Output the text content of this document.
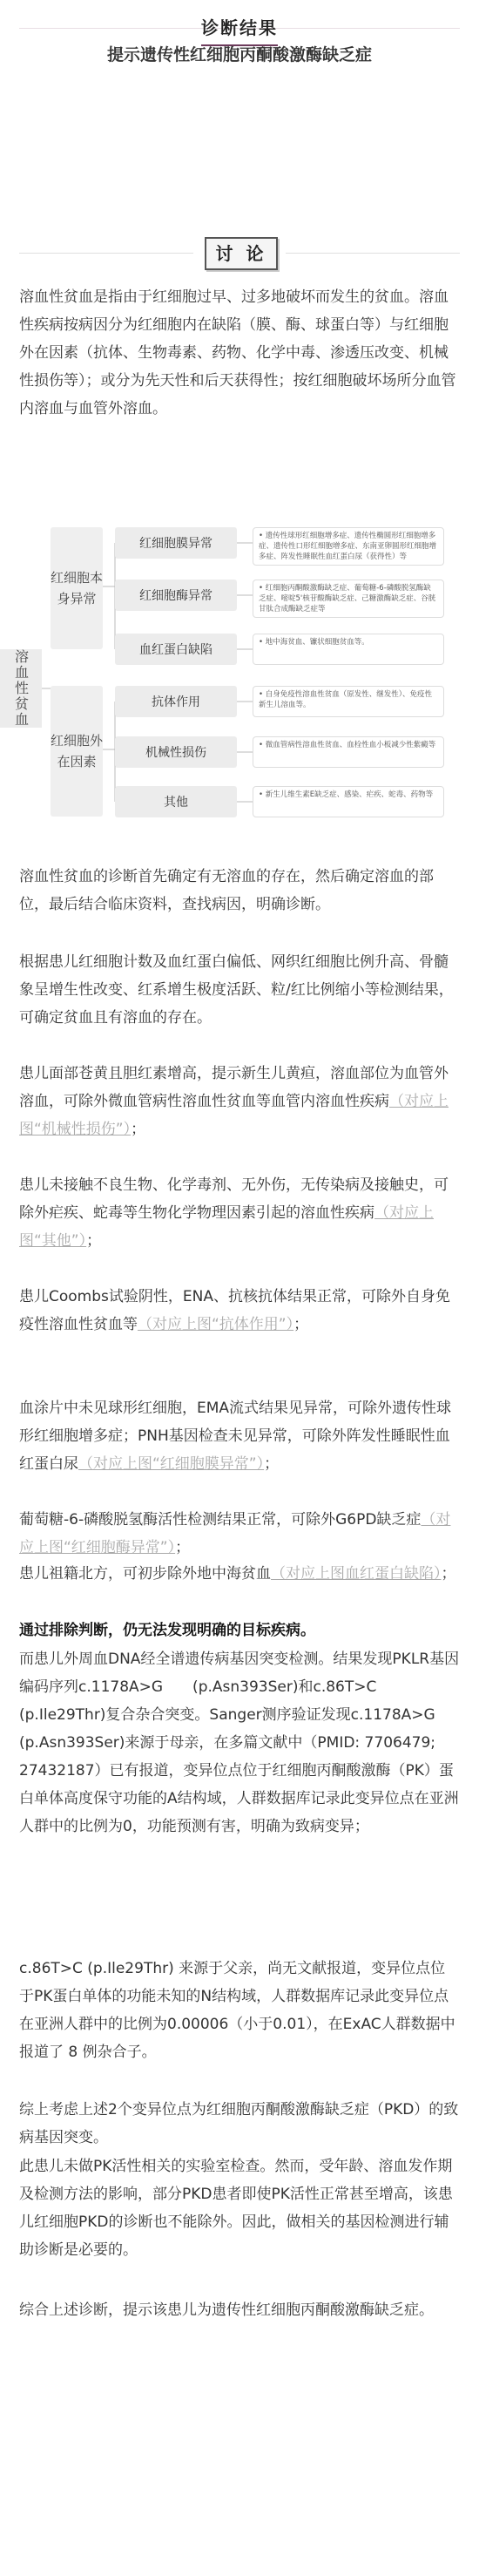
诊断结果
提示遗传性红细胞丙酮酸激酶缺乏症
讨 论
溶血性贫血是指由于红细胞过早、过多地破坏而发生的贫血。溶血性疾病按病因分为红细胞内在缺陷（膜、酶、球蛋白等）与红细胞外在因素（抗体、生物毒素、药物、化学中毒、渗透压改变、机械性损伤等）；或分为先天性和后天获得性；按红细胞破坏场所分血管内溶血与血管外溶血。
溶血性贫血
红细胞本身异常
红细胞外在因素
红细胞膜异常
红细胞酶异常
血红蛋白缺陷
抗体作用
机械性损伤
其他
• 遗传性球形红细胞增多症、遗传性椭圆形红细胞增多症、遗传性口形红细胞增多症、东南亚卵圆形红细胞增多症、阵发性睡眠性血红蛋白尿（获得性）等
• 红细胞丙酮酸激酶缺乏症、葡萄糖-6-磷酸脱氢酶缺乏症、嘧啶5'核苷酸酶缺乏症、己糖激酶缺乏症、谷胱甘肽合成酶缺乏症等
• 地中海贫血、镰状细胞贫血等。
• 自身免疫性溶血性贫血（原发性、继发性）、免疫性新生儿溶血等。
• 微血管病性溶血性贫血、血栓性血小板减少性紫癜等
• 新生儿维生素E缺乏症、感染、疟疾、蛇毒、药物等
溶血性贫血的诊断首先确定有无溶血的存在，然后确定溶血的部位，最后结合临床资料，查找病因，明确诊断。
根据患儿红细胞计数及血红蛋白偏低、网织红细胞比例升高、骨髓象呈增生性改变、红系增生极度活跃、粒/红比例缩小等检测结果，可确定贫血且有溶血的存在。
患儿面部苍黄且胆红素增高，提示新生儿黄疸，溶血部位为血管外溶血，可除外微血管病性溶血性贫血等血管内溶血性疾病（对应上图“机械性损伤”）；
患儿未接触不良生物、化学毒剂、无外伤，无传染病及接触史，可除外疟疾、蛇毒等生物化学物理因素引起的溶血性疾病（对应上图“其他”）；
患儿Coombs试验阴性，ENA、抗核抗体结果正常，可除外自身免疫性溶血性贫血等（对应上图“抗体作用”）；
血涂片中未见球形红细胞，EMA流式结果见异常，可除外遗传性球形红细胞增多症；PNH基因检查未见异常，可除外阵发性睡眠性血红蛋白尿（对应上图“红细胞膜异常”）；
葡萄糖-6-磷酸脱氢酶活性检测结果正常，可除外G6PD缺乏症（对应上图“红细胞酶异常”）；
患儿祖籍北方，可初步除外地中海贫血（对应上图血红蛋白缺陷）；
通过排除判断，仍无法发现明确的目标疾病。
而患儿外周血DNA经全谱遗传病基因突变检测。结果发现PKLR基因编码序列c.1178A>G　　(p.Asn393Ser)和c.86T>C (p.Ile29Thr)复合杂合突变。Sanger测序验证发现c.1178A>G (p.Asn393Ser)来源于母亲，在多篇文献中（PMID: 7706479; 27432187）已有报道，变异位点位于红细胞丙酮酸激酶（PK）蛋白单体高度保守功能的A结构域，人群数据库记录此变异位点在亚洲人群中的比例为0，功能预测有害，明确为致病变异；
c.86T>C (p.Ile29Thr) 来源于父亲，尚无文献报道，变异位点位于PK蛋白单体的功能未知的N结构域，人群数据库记录此变异位点在亚洲人群中的比例为0.00006（小于0.01），在ExAC人群数据中报道了 8 例杂合子。
综上考虑上述2个变异位点为红细胞丙酮酸激酶缺乏症（PKD）的致病基因突变。
此患儿未做PK活性相关的实验室检查。然而，受年龄、溶血发作期及检测方法的影响，部分PKD患者即使PK活性正常甚至增高，该患儿红细胞PKD的诊断也不能除外。因此，做相关的基因检测进行辅助诊断是必要的。
综合上述诊断，提示该患儿为遗传性红细胞丙酮酸激酶缺乏症。
